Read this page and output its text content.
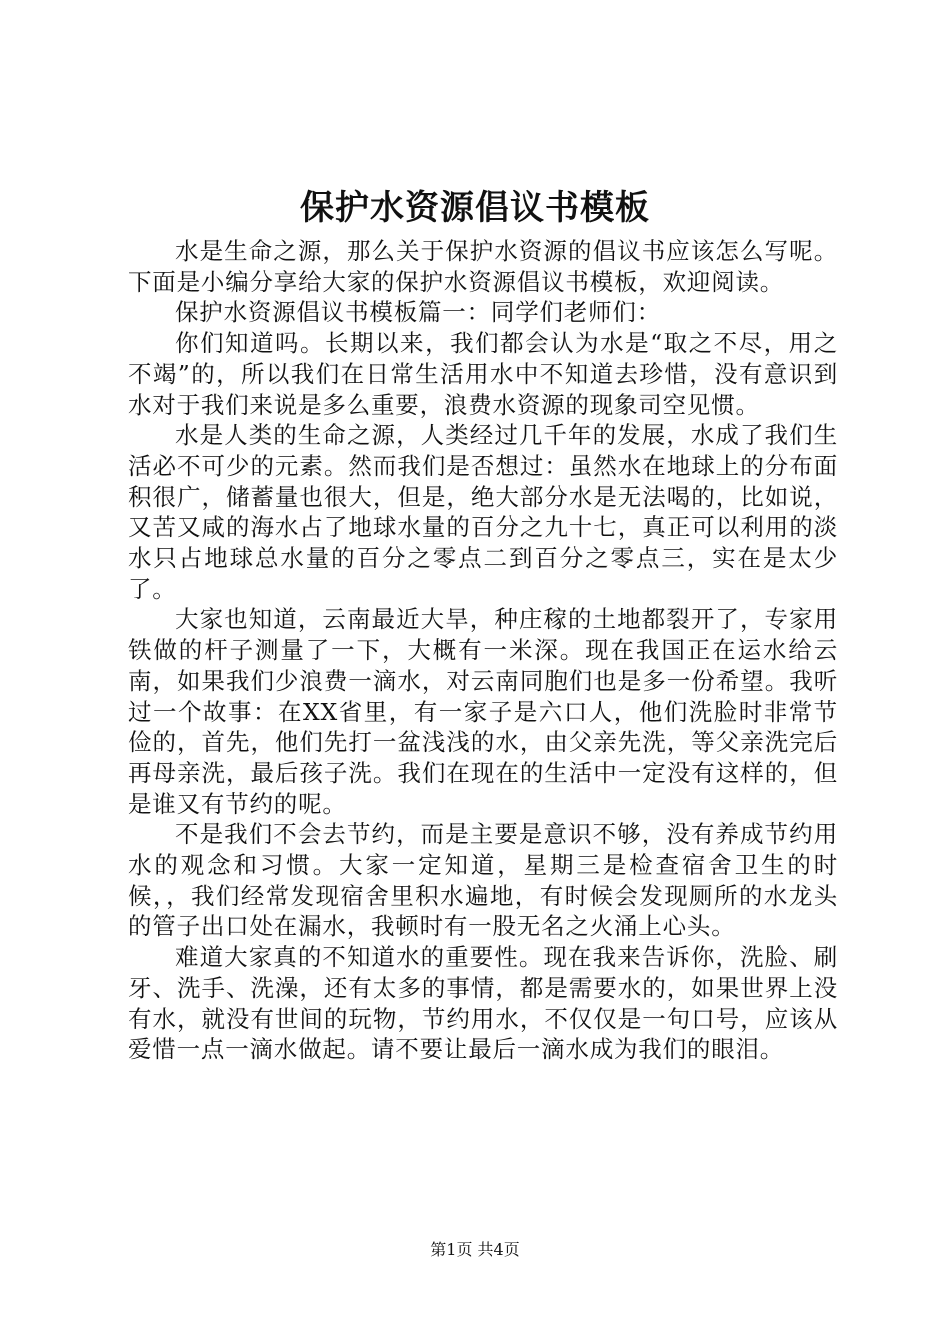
保护水资源倡议书模板

水是生命之源，那么关于保护水资源的倡议书应该怎么写呢。下面是小编分享给大家的保护水资源倡议书模板，欢迎阅读。

保护水资源倡议书模板篇一：同学们老师们：

你们知道吗。长期以来，我们都会认为水是“取之不尽，用之不竭”的，所以我们在日常生活用水中不知道去珍惜，没有意识到水对于我们来说是多么重要，浪费水资源的现象司空见惯。

水是人类的生命之源，人类经过几千年的发展，水成了我们生活必不可少的元素。然而我们是否想过：虽然水在地球上的分布面积很广，储蓄量也很大，但是，绝大部分水是无法喝的，比如说，又苦又咸的海水占了地球水量的百分之九十七，真正可以利用的淡水只占地球总水量的百分之零点二到百分之零点三，实在是太少了。

大家也知道，云南最近大旱，种庄稼的土地都裂开了，专家用铁做的杆子测量了一下，大概有一米深。现在我国正在运水给云南，如果我们少浪费一滴水，对云南同胞们也是多一份希望。我听过一个故事：在XX省里，有一家子是六口人，他们洗脸时非常节俭的，首先，他们先打一盆浅浅的水，由父亲先洗，等父亲洗完后再母亲洗，最后孩子洗。我们在现在的生活中一定没有这样的，但是谁又有节约的呢。

不是我们不会去节约，而是主要是意识不够，没有养成节约用水的观念和习惯。大家一定知道，星期三是检查宿舍卫生的时候，，我们经常发现宿舍里积水遍地，有时候会发现厕所的水龙头的管子出口处在漏水，我顿时有一股无名之火涌上心头。

难道大家真的不知道水的重要性。现在我来告诉你，洗脸、刷牙、洗手、洗澡，还有太多的事情，都是需要水的，如果世界上没有水，就没有世间的玩物，节约用水，不仅仅是一句口号，应该从爱惜一点一滴水做起。请不要让最后一滴水成为我们的眼泪。

第1页 共4页
